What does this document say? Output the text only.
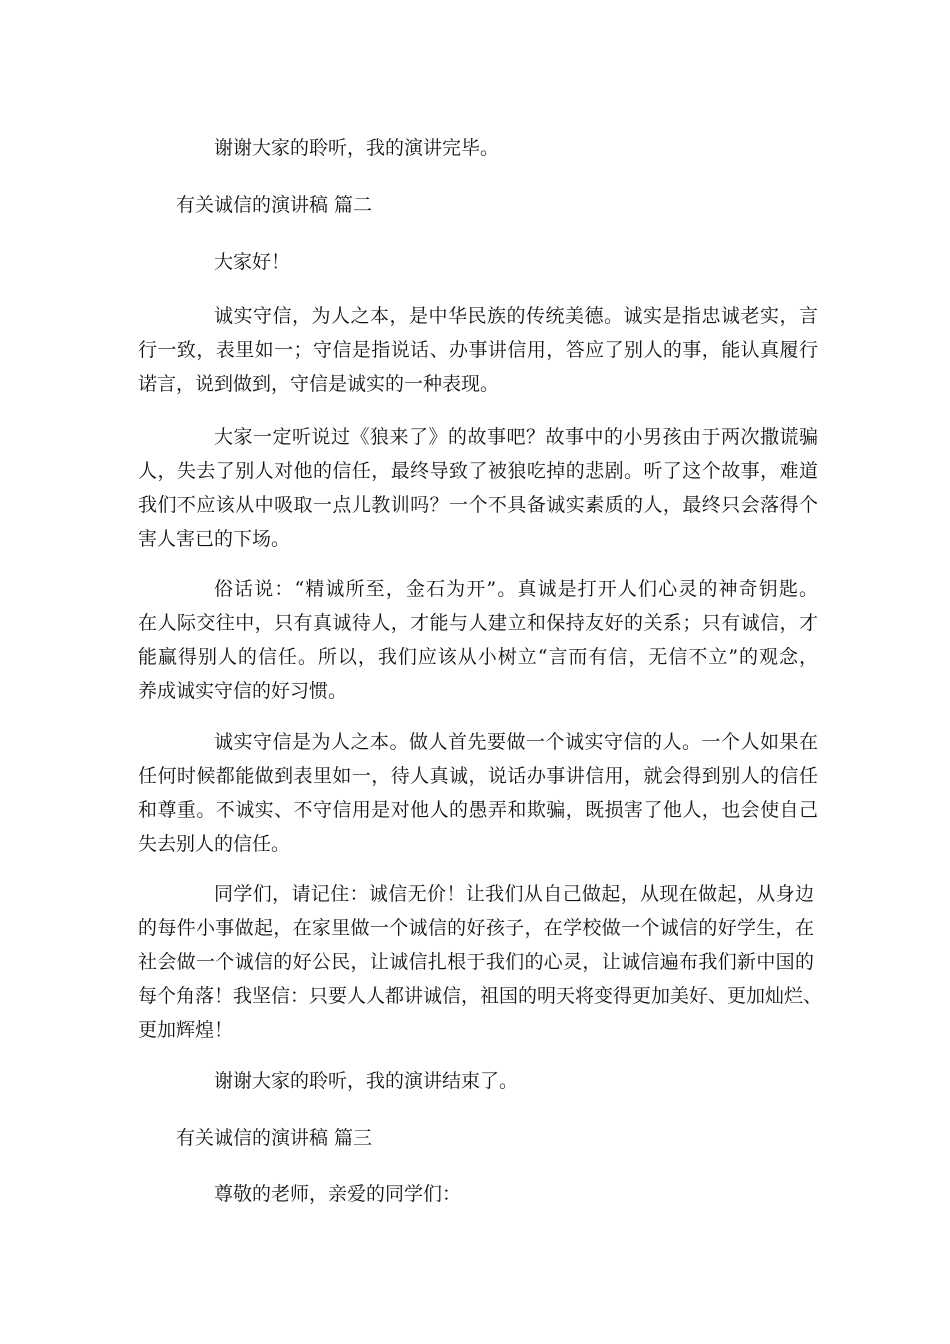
谢谢大家的聆听，我的演讲完毕。

有关诚信的演讲稿 篇二

大家好！

诚实守信，为人之本，是中华民族的传统美德。诚实是指忠诚老实，言
行一致，表里如一；守信是指说话、办事讲信用，答应了别人的事，能认真履行
诺言，说到做到，守信是诚实的一种表现。
大家一定听说过《狼来了》的故事吧？故事中的小男孩由于两次撒谎骗
人，失去了别人对他的信任，最终导致了被狼吃掉的悲剧。听了这个故事，难道
我们不应该从中吸取一点儿教训吗？一个不具备诚实素质的人，最终只会落得个
害人害已的下场。
俗话说：“精诚所至，金石为开”。真诚是打开人们心灵的神奇钥匙。
在人际交往中，只有真诚待人，才能与人建立和保持友好的关系；只有诚信，才
能赢得别人的信任。所以，我们应该从小树立“言而有信，无信不立”的观念，
养成诚实守信的好习惯。
诚实守信是为人之本。做人首先要做一个诚实守信的人。一个人如果在
任何时候都能做到表里如一，待人真诚，说话办事讲信用，就会得到别人的信任
和尊重。不诚实、不守信用是对他人的愚弄和欺骗，既损害了他人，也会使自己
失去别人的信任。
同学们，请记住：诚信无价！让我们从自己做起，从现在做起，从身边
的每件小事做起，在家里做一个诚信的好孩子，在学校做一个诚信的好学生，在
社会做一个诚信的好公民，让诚信扎根于我们的心灵，让诚信遍布我们新中国的
每个角落！我坚信：只要人人都讲诚信，祖国的明天将变得更加美好、更加灿烂、
更加辉煌！

谢谢大家的聆听，我的演讲结束了。

有关诚信的演讲稿 篇三

尊敬的老师，亲爱的同学们：
